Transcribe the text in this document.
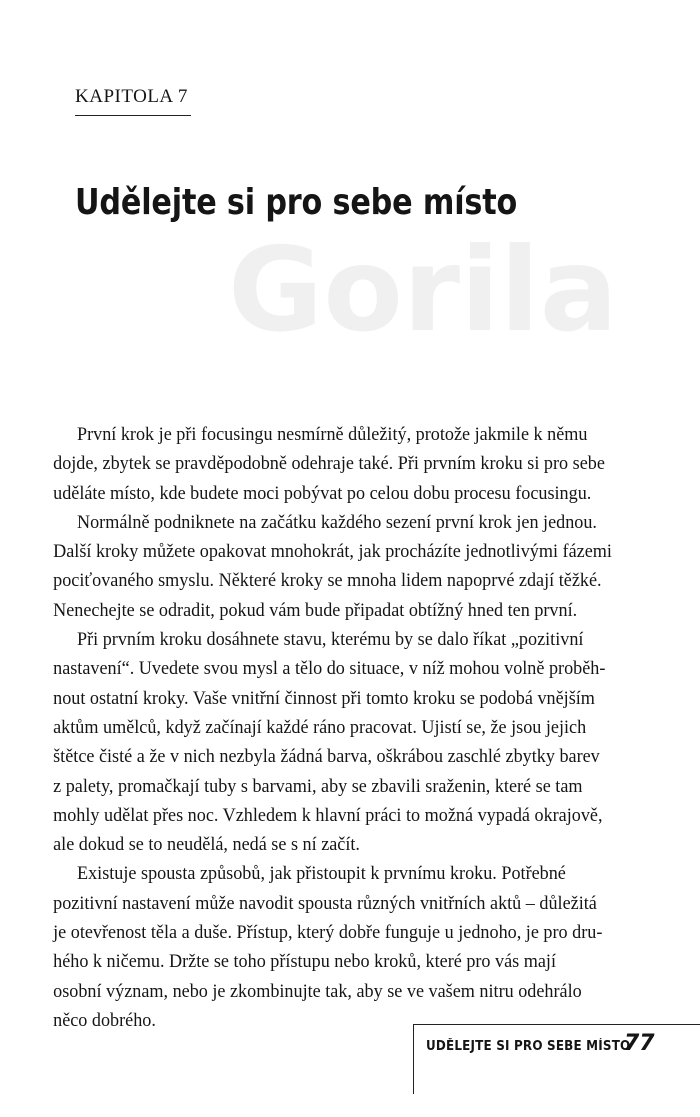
KAPITOLA 7
Udělejte si pro sebe místo
Gorila

První krok je při focusingu nesmírně důležitý, protože jakmile k němu
dojde, zbytek se pravděpodobně odehraje také. Při prvním kroku si pro sebe
uděláte místo, kde budete moci pobývat po celou dobu procesu focusingu.

Normálně podniknete na začátku každého sezení první krok jen jednou.
Další kroky můžete opakovat mnohokrát, jak procházíte jednotlivými fázemi
pociťovaného smyslu. Některé kroky se mnoha lidem napoprvé zdají těžké.
Nenechejte se odradit, pokud vám bude připadat obtížný hned ten první.

Při prvním kroku dosáhnete stavu, kterému by se dalo říkat „pozitivní
nastavení“. Uvedete svou mysl a tělo do situace, v níž mohou volně proběh-
nout ostatní kroky. Vaše vnitřní činnost při tomto kroku se podobá vnějším
aktům umělců, když začínají každé ráno pracovat. Ujistí se, že jsou jejich
štětce čisté a že v nich nezbyla žádná barva, oškrábou zaschlé zbytky barev
z palety, promačkají tuby s barvami, aby se zbavili sraženin, které se tam
mohly udělat přes noc. Vzhledem k hlavní práci to možná vypadá okrajově,
ale dokud se to neudělá, nedá se s ní začít.

Existuje spousta způsobů, jak přistoupit k prvnímu kroku. Potřebné
pozitivní nastavení může navodit spousta různých vnitřních aktů – důležitá
je otevřenost těla a duše. Přístup, který dobře funguje u jednoho, je pro dru-
hého k ničemu. Držte se toho přístupu nebo kroků, které pro vás mají
osobní význam, nebo je zkombinujte tak, aby se ve vašem nitru odehrálo
něco dobrého.

UDĚLEJTE SI PRO SEBE MÍSTO
77
